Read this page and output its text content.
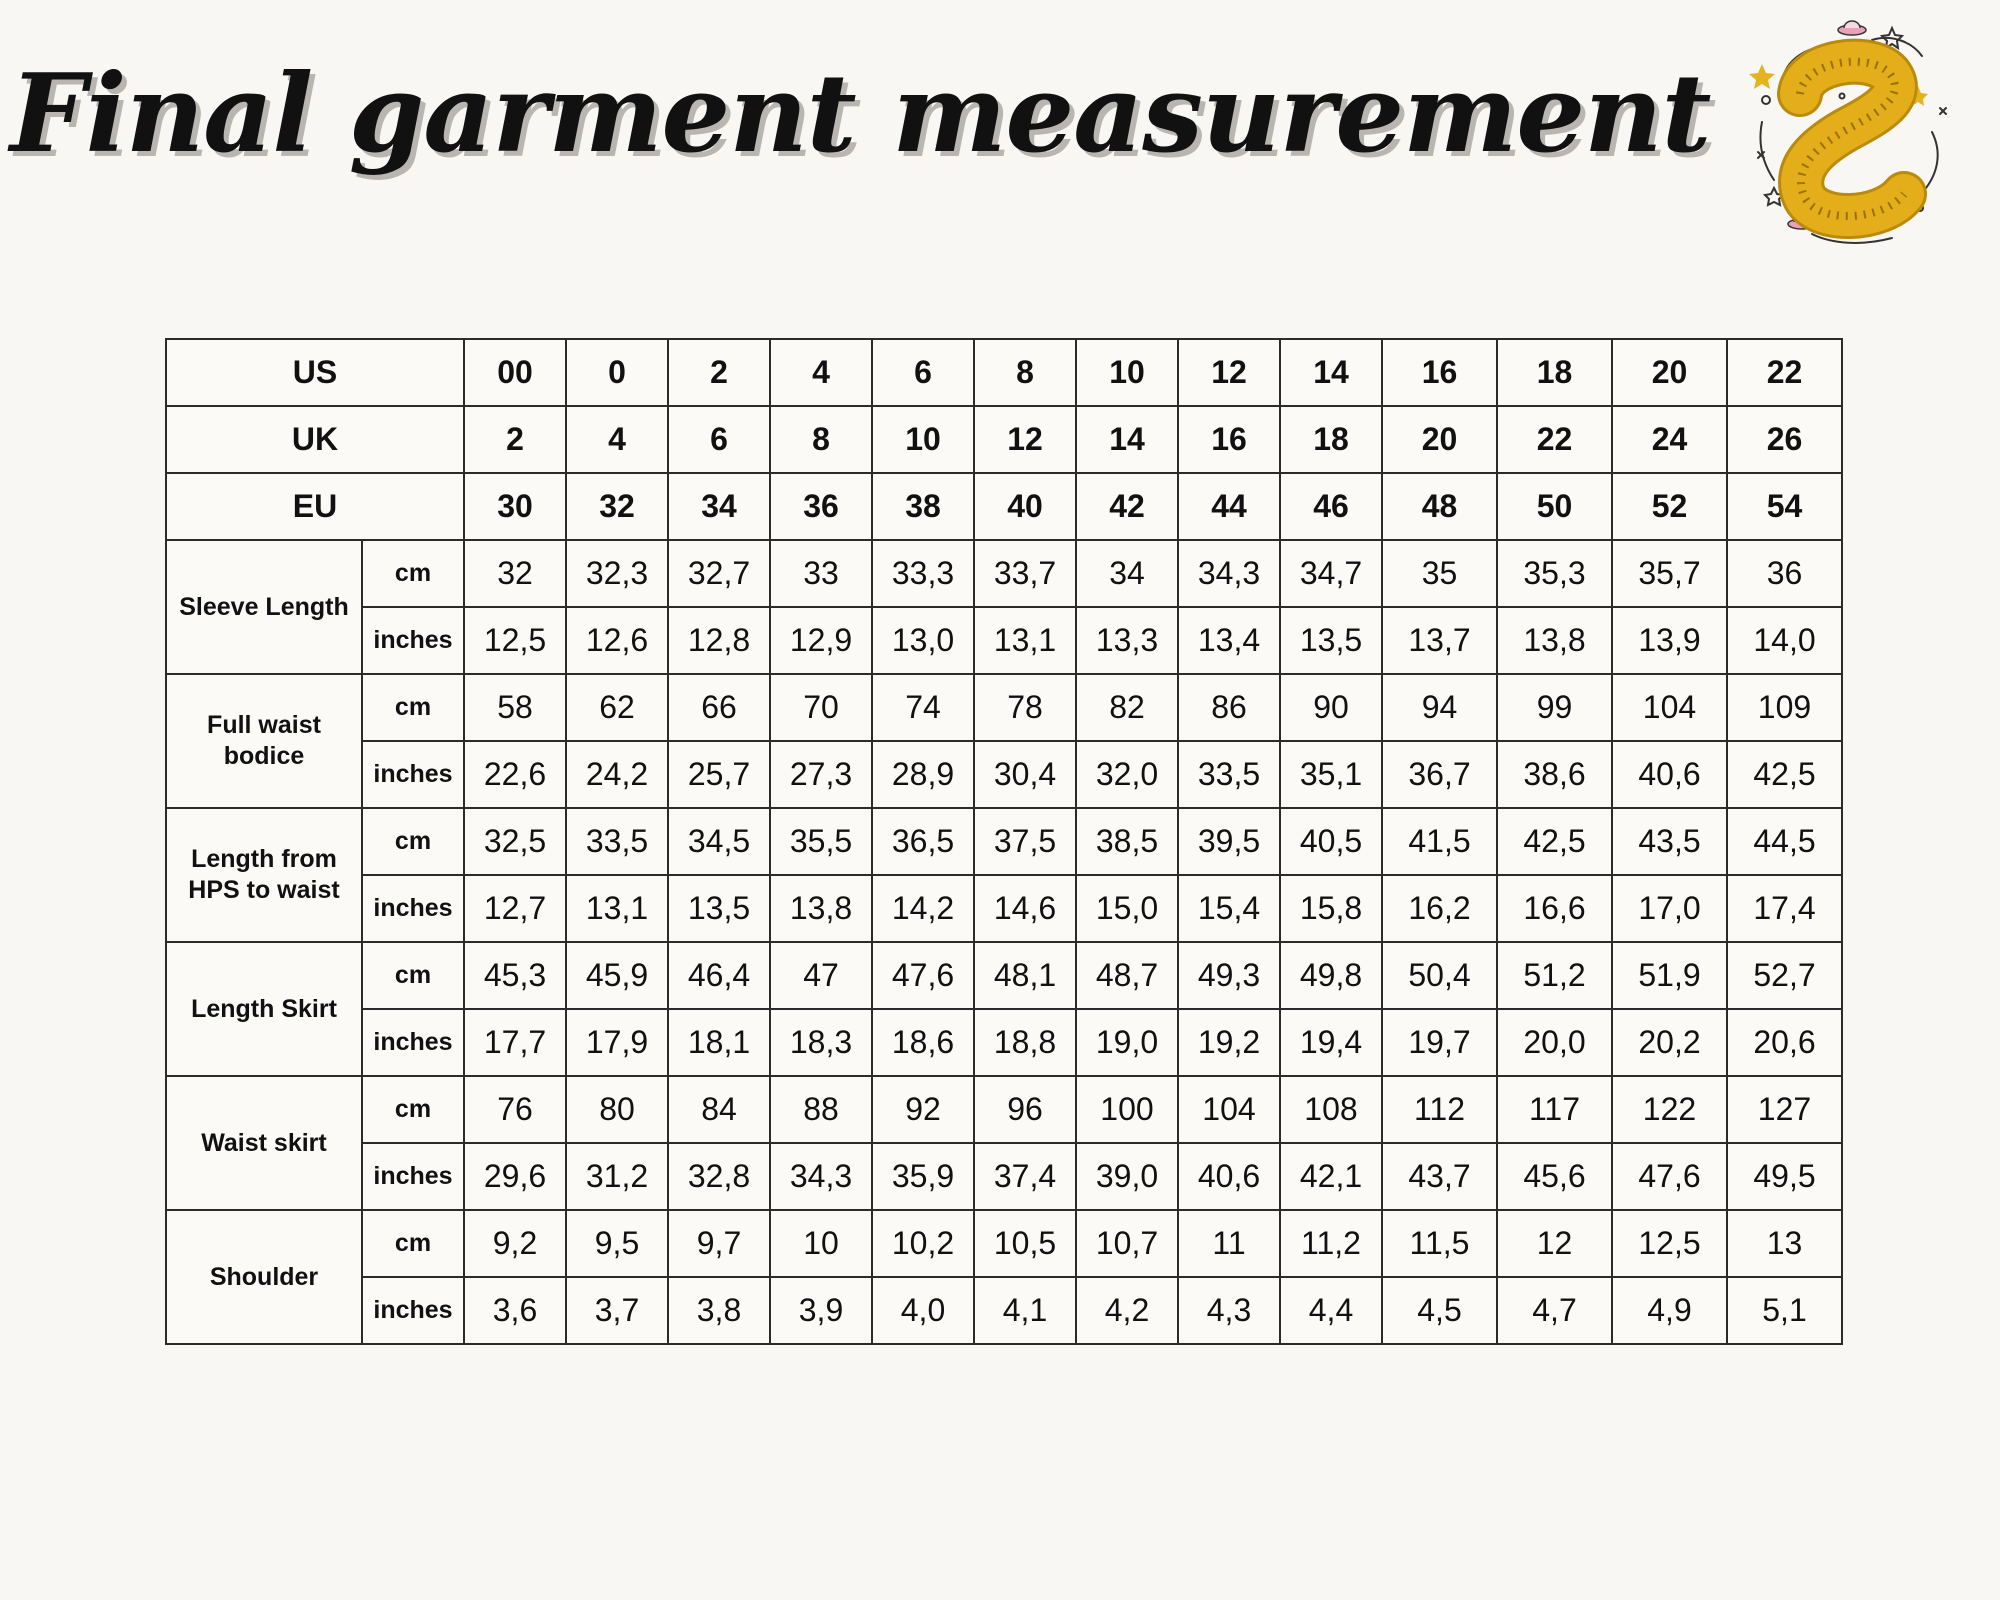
Final garment measurement
US		00	0	2	4	6	8	10	12	14	16	18	20	22
UK		2	4	6	8	10	12	14	16	18	20	22	24	26
EU		30	32	34	36	38	40	42	44	46	48	50	52	54
Sleeve Length	cm	32	32,3	32,7	33	33,3	33,7	34	34,3	34,7	35	35,3	35,7	36
	inches	12,5	12,6	12,8	12,9	13,0	13,1	13,3	13,4	13,5	13,7	13,8	13,9	14,0
Full waist
bodice	cm	58	62	66	70	74	78	82	86	90	94	99	104	109
	inches	22,6	24,2	25,7	27,3	28,9	30,4	32,0	33,5	35,1	36,7	38,6	40,6	42,5
Length from
HPS to waist	cm	32,5	33,5	34,5	35,5	36,5	37,5	38,5	39,5	40,5	41,5	42,5	43,5	44,5
	inches	12,7	13,1	13,5	13,8	14,2	14,6	15,0	15,4	15,8	16,2	16,6	17,0	17,4
Length Skirt	cm	45,3	45,9	46,4	47	47,6	48,1	48,7	49,3	49,8	50,4	51,2	51,9	52,7
	inches	17,7	17,9	18,1	18,3	18,6	18,8	19,0	19,2	19,4	19,7	20,0	20,2	20,6
Waist skirt	cm	76	80	84	88	92	96	100	104	108	112	117	122	127
	inches	29,6	31,2	32,8	34,3	35,9	37,4	39,0	40,6	42,1	43,7	45,6	47,6	49,5
Shoulder	cm	9,2	9,5	9,7	10	10,2	10,5	10,7	11	11,2	11,5	12	12,5	13
	inches	3,6	3,7	3,8	3,9	4,0	4,1	4,2	4,3	4,4	4,5	4,7	4,9	5,1
